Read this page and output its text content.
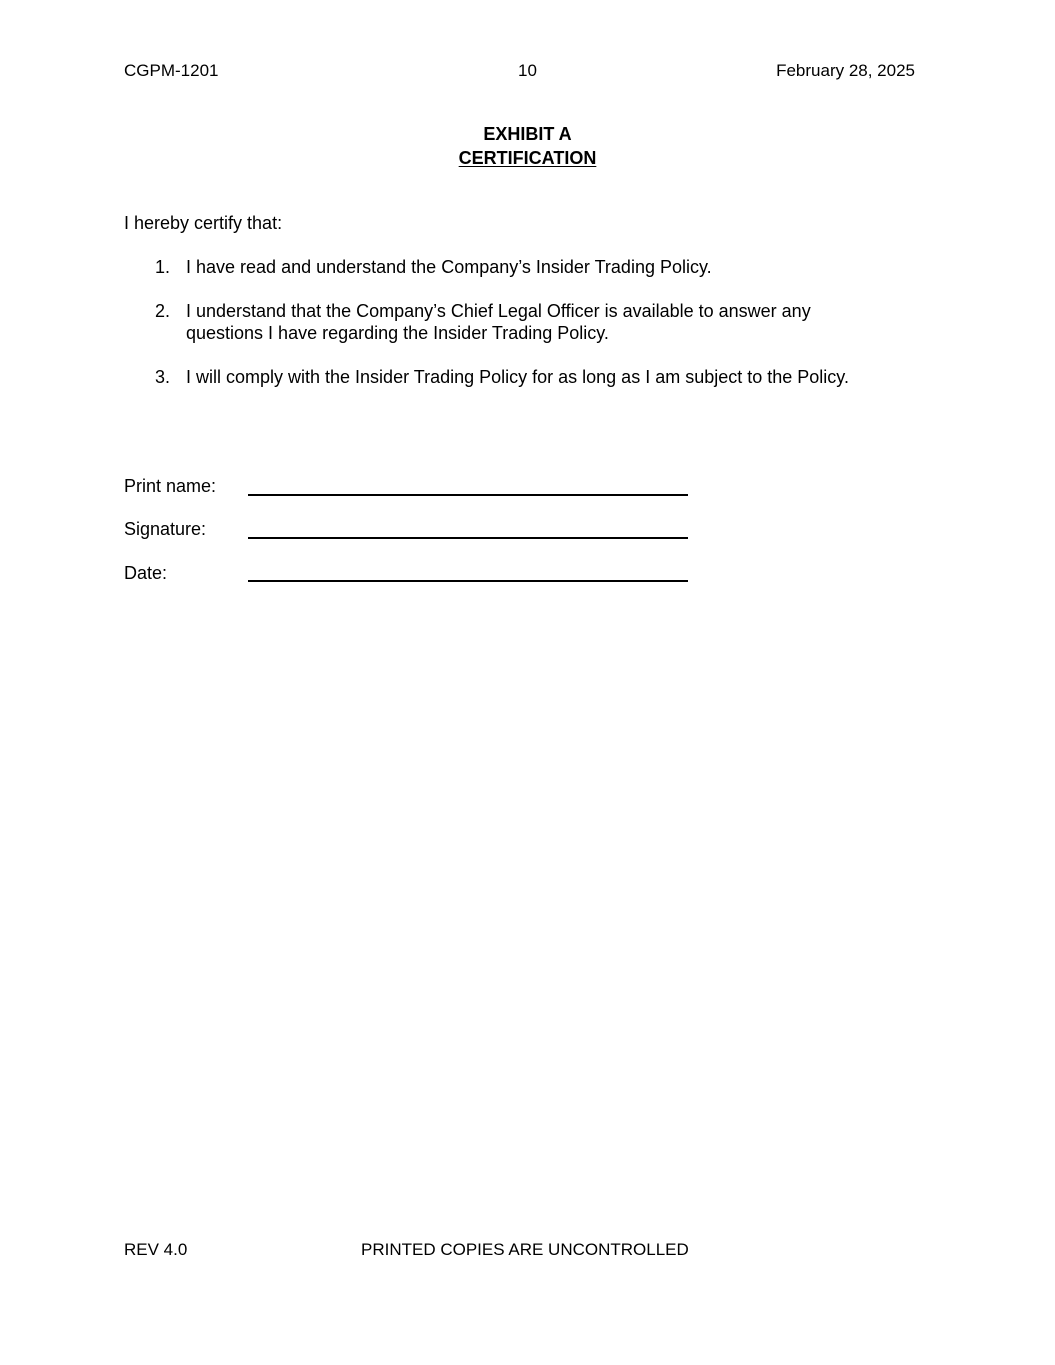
CGPM-1201	10	February 28, 2025
EXHIBIT A
CERTIFICATION
I hereby certify that:
1. I have read and understand the Company’s Insider Trading Policy.
2. I understand that the Company’s Chief Legal Officer is available to answer any questions I have regarding the Insider Trading Policy.
3. I will comply with the Insider Trading Policy for as long as I am subject to the Policy.
Print name:
Signature:
Date:
REV 4.0	PRINTED COPIES ARE UNCONTROLLED
